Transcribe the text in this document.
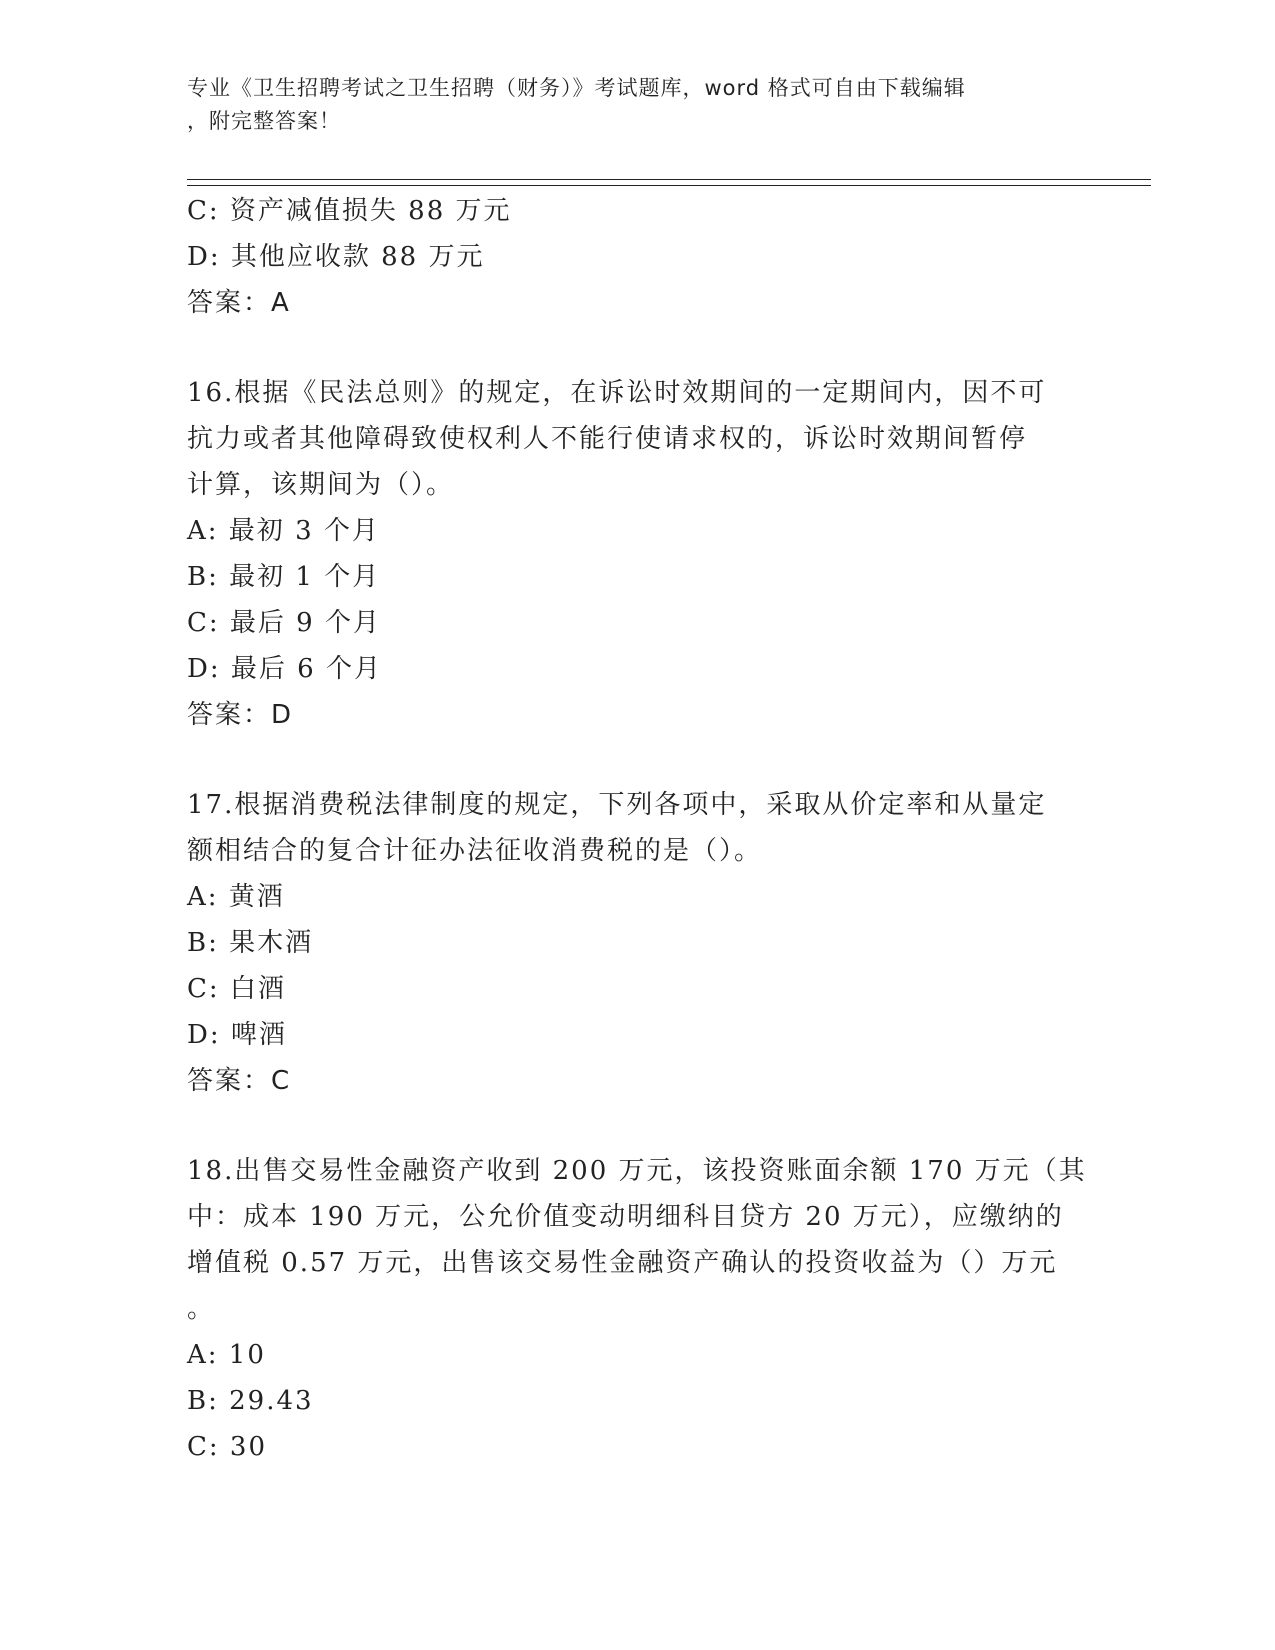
专业《卫生招聘考试之卫生招聘（财务）》考试题库，word 格式可自由下载编辑
，附完整答案！
C: 资产减值损失 88 万元
D: 其他应收款 88 万元
答案：A
16.根据《民法总则》的规定，在诉讼时效期间的一定期间内，因不可
抗力或者其他障碍致使权利人不能行使请求权的，诉讼时效期间暂停
计算，该期间为（）。
A: 最初 3 个月
B: 最初 1 个月
C: 最后 9 个月
D: 最后 6 个月
答案：D
17.根据消费税法律制度的规定，下列各项中，采取从价定率和从量定
额相结合的复合计征办法征收消费税的是（）。
A: 黄酒
B: 果木酒
C: 白酒
D: 啤酒
答案：C
18.出售交易性金融资产收到 200 万元，该投资账面余额 170 万元（其
中：成本 190 万元，公允价值变动明细科目贷方 20 万元），应缴纳的
增值税 0.57 万元，出售该交易性金融资产确认的投资收益为（）万元
。
A: 10
B: 29.43
C: 30
